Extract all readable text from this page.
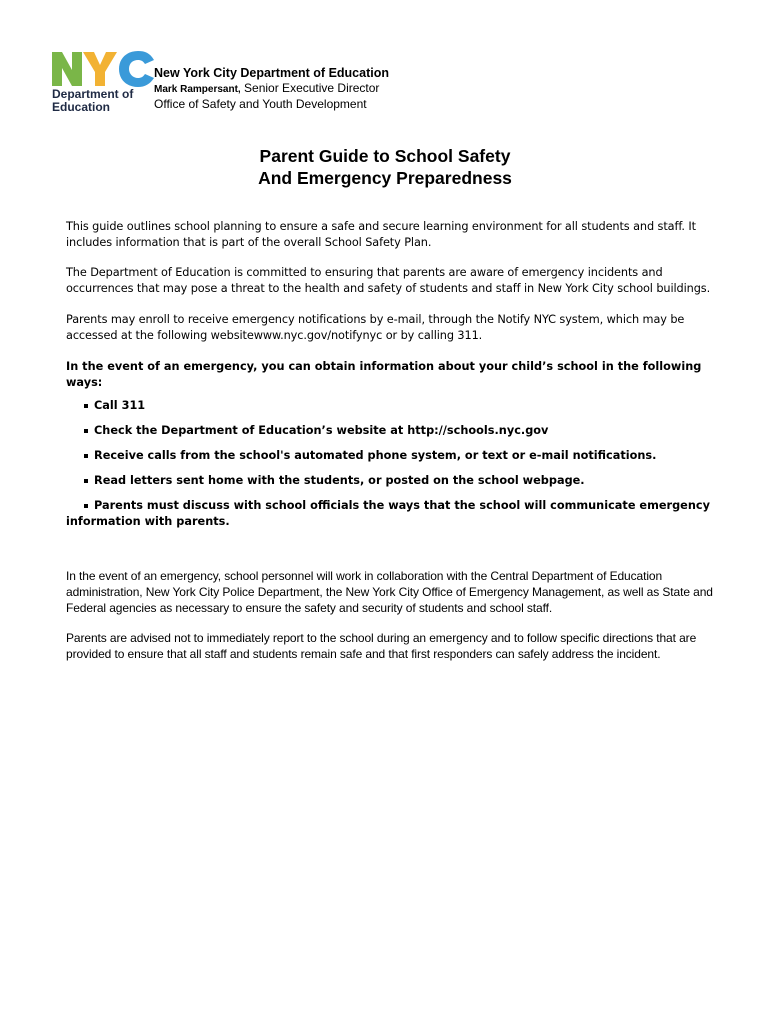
Department of
Education
New York City Department of Education
Mark Rampersant, Senior Executive Director
Office of Safety and Youth Development
Parent Guide to School Safety
And Emergency Preparedness

This guide outlines school planning to ensure a safe and secure learning environment for all students and staff. It includes information that is part of the overall School Safety Plan.

The Department of Education is committed to ensuring that parents are aware of emergency incidents and occurrences that may pose a threat to the health and safety of students and staff in New York City school buildings.

Parents may enroll to receive emergency notifications by e-mail, through the Notify NYC system, which may be accessed at the following websitewww.nyc.gov/notifynyc or by calling 311.

In the event of an emergency, you can obtain information about your child’s school in the following ways:
Call 311
Check the Department of Education’s website at http://schools.nyc.gov
Receive calls from the school's automated phone system, or text or e-mail notifications.
Read letters sent home with the students, or posted on the school webpage.
Parents must discuss with school officials the ways that the school will communicate emergency information with parents.

In the event of an emergency, school personnel will work in collaboration with the Central Department of Education administration, New York City Police Department, the New York City Office of Emergency Management, as well as State and Federal agencies as necessary to ensure the safety and security of students and school staff.

Parents are advised not to immediately report to the school during an emergency and to follow specific directions that are provided to ensure that all staff and students remain safe and that first responders can safely address the incident.
